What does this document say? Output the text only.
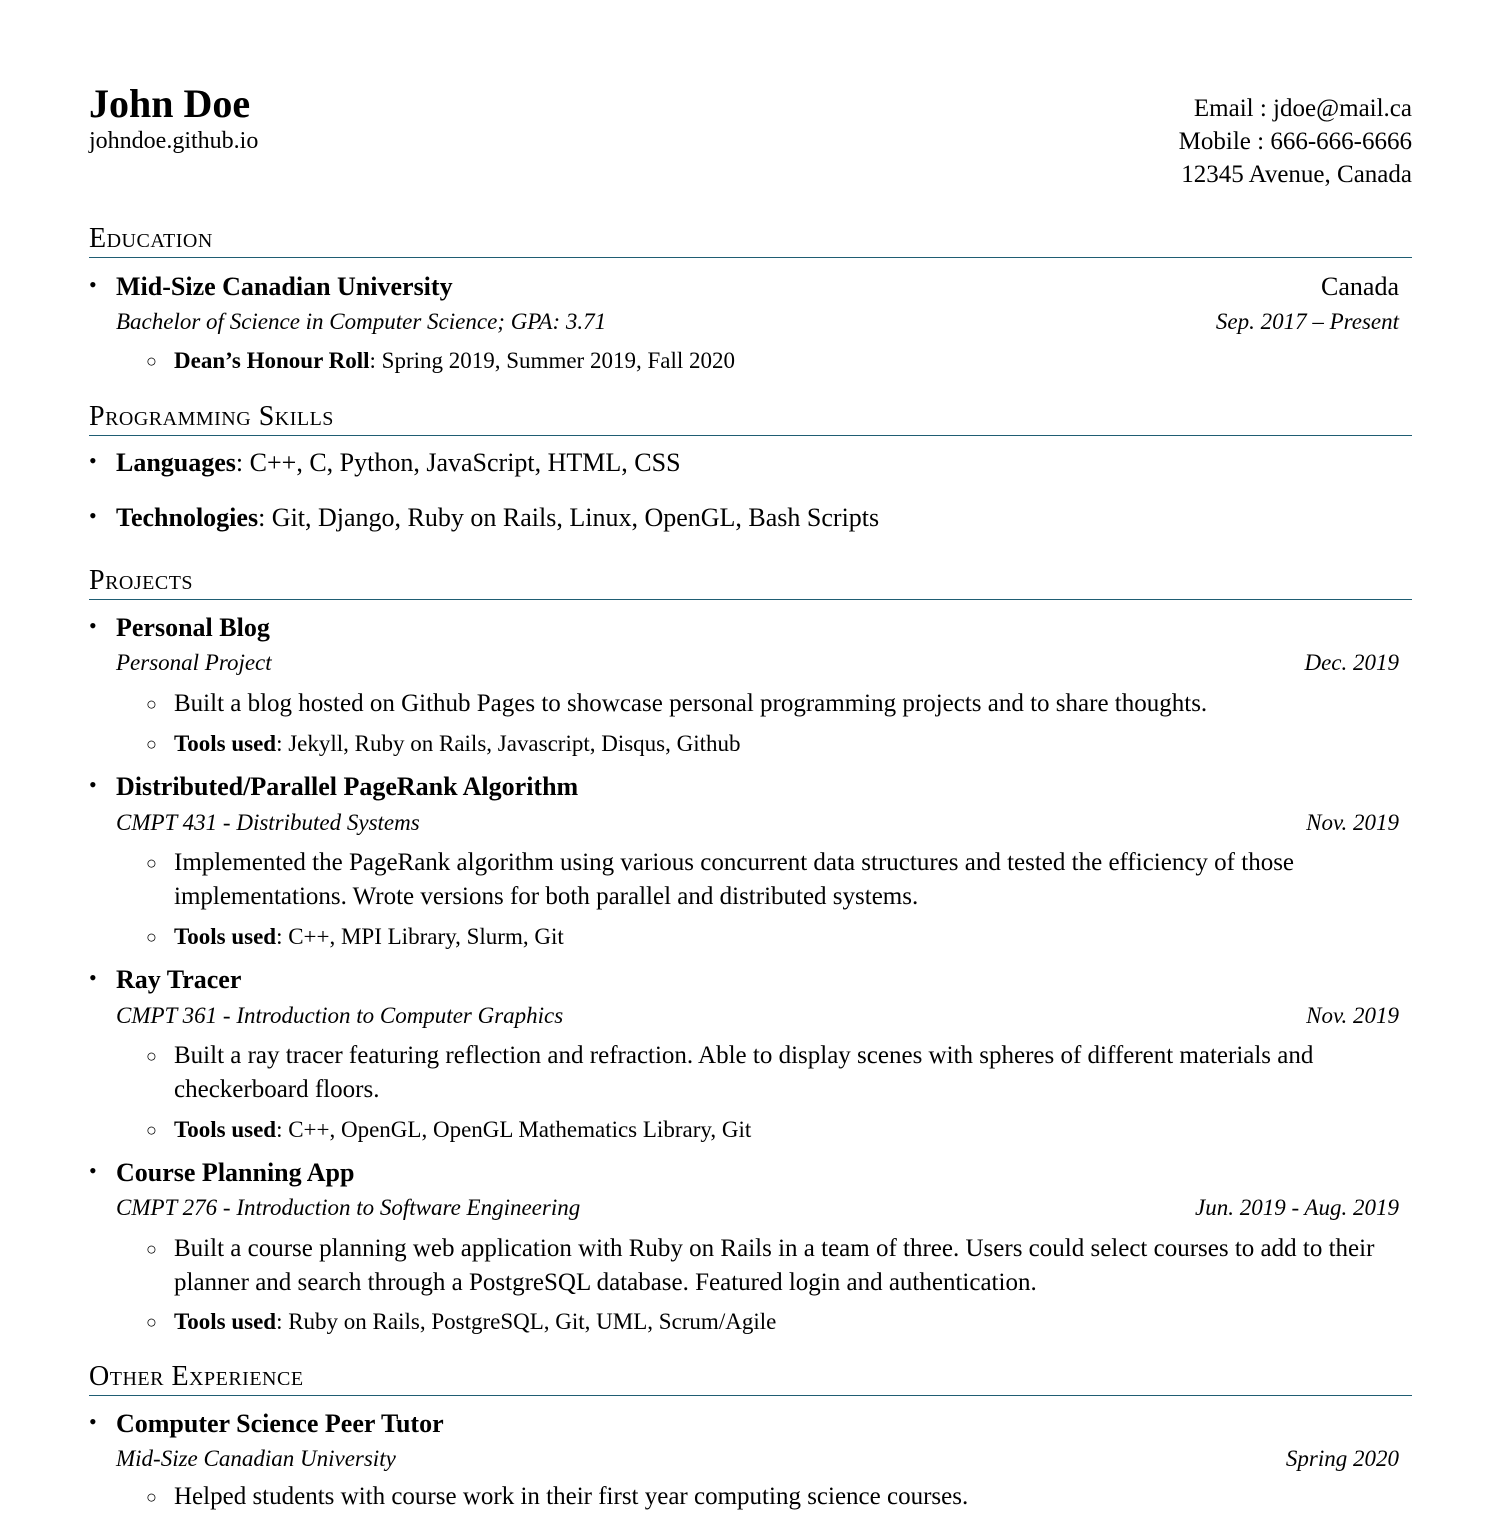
John Doe
johndoe.github.io
Email : jdoe@mail.ca
Mobile : 666-666-6666
12345 Avenue, Canada
Education
• Mid-Size Canadian University	Canada
Bachelor of Science in Computer Science; GPA: 3.71	Sep. 2017 – Present
○ Dean’s Honour Roll: Spring 2019, Summer 2019, Fall 2020
Programming Skills
• Languages: C++, C, Python, JavaScript, HTML, CSS
• Technologies: Git, Django, Ruby on Rails, Linux, OpenGL, Bash Scripts
Projects
• Personal Blog
Personal Project	Dec. 2019
○ Built a blog hosted on Github Pages to showcase personal programming projects and to share thoughts.
○ Tools used: Jekyll, Ruby on Rails, Javascript, Disqus, Github
• Distributed/Parallel PageRank Algorithm
CMPT 431 - Distributed Systems	Nov. 2019
○ Implemented the PageRank algorithm using various concurrent data structures and tested the efficiency of those implementations. Wrote versions for both parallel and distributed systems.
○ Tools used: C++, MPI Library, Slurm, Git
• Ray Tracer
CMPT 361 - Introduction to Computer Graphics	Nov. 2019
○ Built a ray tracer featuring reflection and refraction. Able to display scenes with spheres of different materials and checkerboard floors.
○ Tools used: C++, OpenGL, OpenGL Mathematics Library, Git
• Course Planning App
CMPT 276 - Introduction to Software Engineering	Jun. 2019 - Aug. 2019
○ Built a course planning web application with Ruby on Rails in a team of three. Users could select courses to add to their planner and search through a PostgreSQL database. Featured login and authentication.
○ Tools used: Ruby on Rails, PostgreSQL, Git, UML, Scrum/Agile
Other Experience
• Computer Science Peer Tutor
Mid-Size Canadian University	Spring 2020
○ Helped students with course work in their first year computing science courses.
